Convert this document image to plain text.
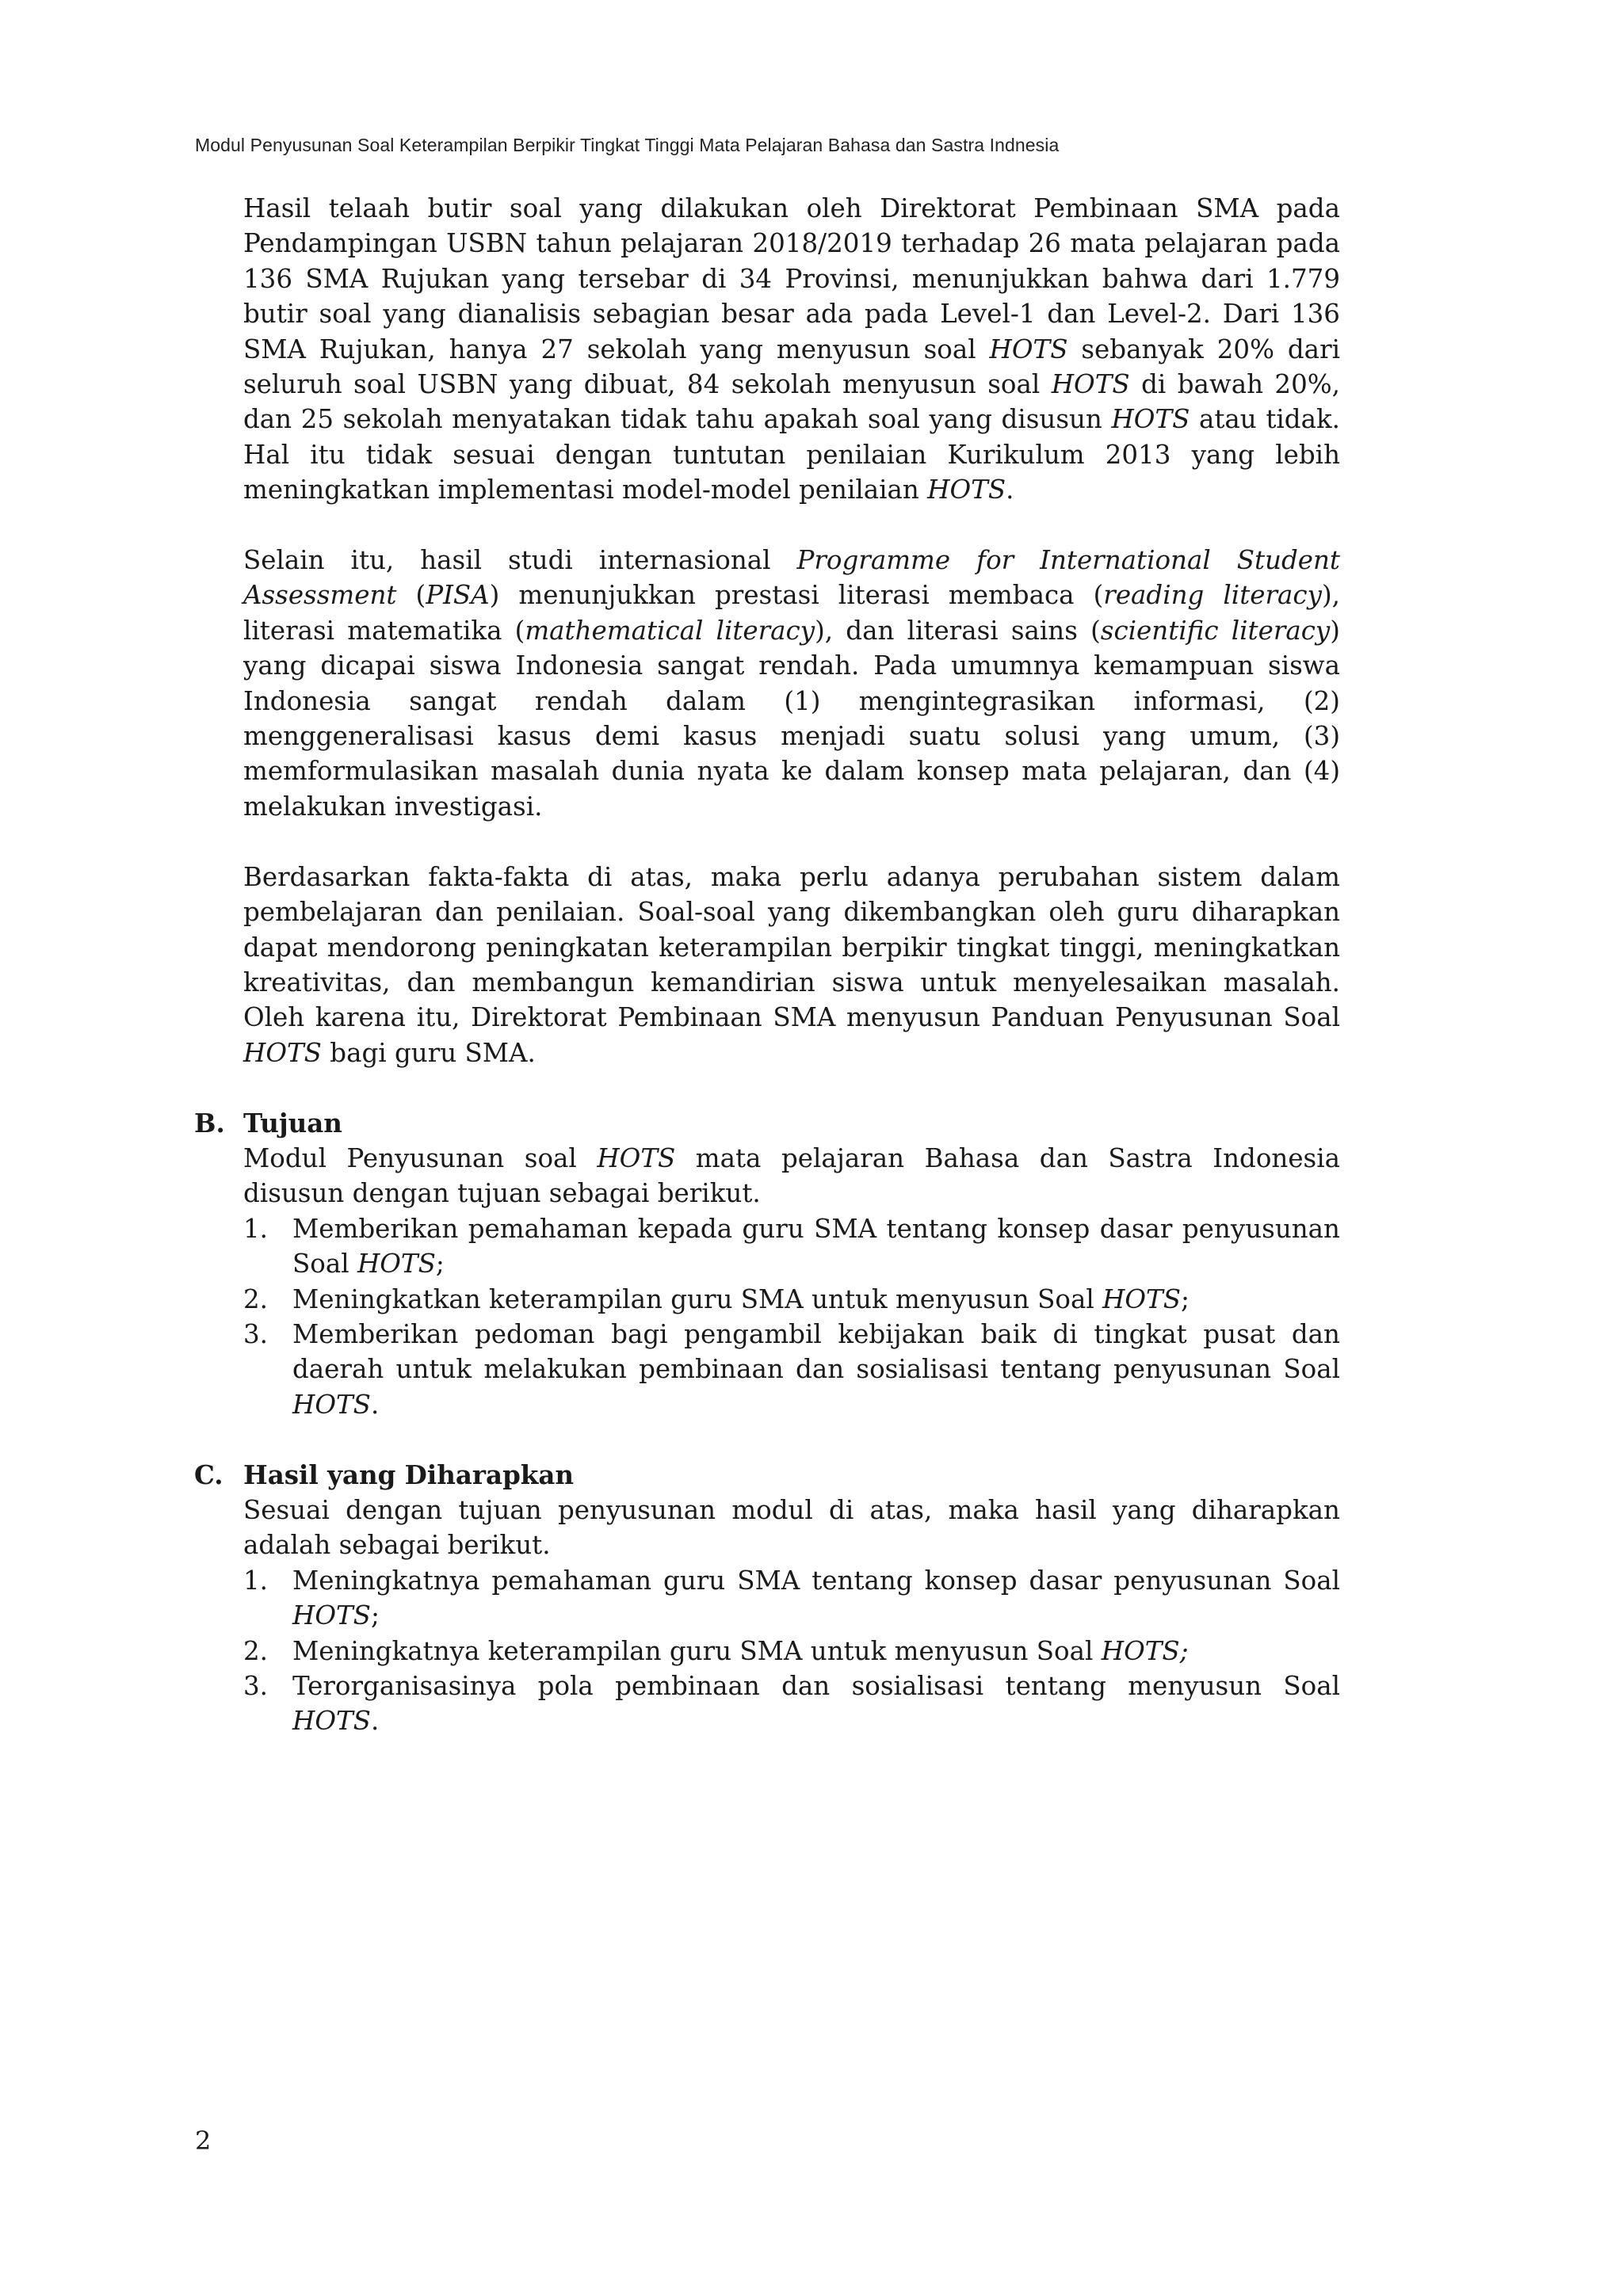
Modul Penyusunan Soal Keterampilan Berpikir Tingkat Tinggi Mata Pelajaran Bahasa dan Sastra Indnesia

Hasil telaah butir soal yang dilakukan oleh Direktorat Pembinaan SMA pada Pendampingan USBN tahun pelajaran 2018/2019 terhadap 26 mata pelajaran pada 136 SMA Rujukan yang tersebar di 34 Provinsi, menunjukkan bahwa dari 1.779 butir soal yang dianalisis sebagian besar ada pada Level-1 dan Level-2. Dari 136 SMA Rujukan, hanya 27 sekolah yang menyusun soal HOTS sebanyak 20% dari seluruh soal USBN yang dibuat, 84 sekolah menyusun soal HOTS di bawah 20%, dan 25 sekolah menyatakan tidak tahu apakah soal yang disusun HOTS atau tidak. Hal itu tidak sesuai dengan tuntutan penilaian Kurikulum 2013 yang lebih meningkatkan implementasi model-model penilaian HOTS.

Selain itu, hasil studi internasional Programme for International Student Assessment (PISA) menunjukkan prestasi literasi membaca (reading literacy), literasi matematika (mathematical literacy), dan literasi sains (scientific literacy) yang dicapai siswa Indonesia sangat rendah. Pada umumnya kemampuan siswa Indonesia sangat rendah dalam (1) mengintegrasikan informasi, (2) menggeneralisasi kasus demi kasus menjadi suatu solusi yang umum, (3) memformulasikan masalah dunia nyata ke dalam konsep mata pelajaran, dan (4) melakukan investigasi.

Berdasarkan fakta-fakta di atas, maka perlu adanya perubahan sistem dalam pembelajaran dan penilaian. Soal-soal yang dikembangkan oleh guru diharapkan dapat mendorong peningkatan keterampilan berpikir tingkat tinggi, meningkatkan kreativitas, dan membangun kemandirian siswa untuk menyelesaikan masalah. Oleh karena itu, Direktorat Pembinaan SMA menyusun Panduan Penyusunan Soal HOTS bagi guru SMA.

B. Tujuan

Modul Penyusunan soal HOTS mata pelajaran Bahasa dan Sastra Indonesia disusun dengan tujuan sebagai berikut.

1. Memberikan pemahaman kepada guru SMA tentang konsep dasar penyusunan Soal HOTS;
2. Meningkatkan keterampilan guru SMA untuk menyusun Soal HOTS;
3. Memberikan pedoman bagi pengambil kebijakan baik di tingkat pusat dan daerah untuk melakukan pembinaan dan sosialisasi tentang penyusunan Soal HOTS.
C. Hasil yang Diharapkan

Sesuai dengan tujuan penyusunan modul di atas, maka hasil yang diharapkan adalah sebagai berikut.

1. Meningkatnya pemahaman guru SMA tentang konsep dasar penyusunan Soal HOTS;
2. Meningkatnya keterampilan guru SMA untuk menyusun Soal HOTS;
3. Terorganisasinya pola pembinaan dan sosialisasi tentang menyusun Soal HOTS.
2
